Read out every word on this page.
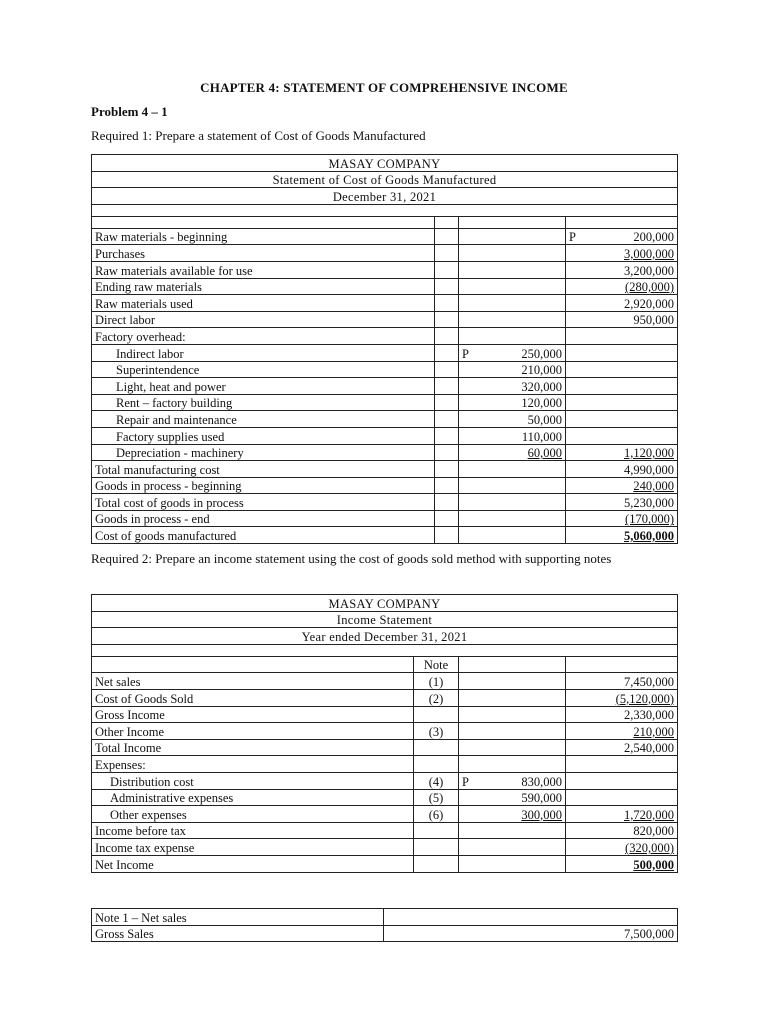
CHAPTER 4: STATEMENT OF COMPREHENSIVE INCOME
Problem 4 – 1
Required 1: Prepare a statement of Cost of Goods Manufactured
MASAY COMPANY			
Statement of Cost of Goods Manufactured			
December 31, 2021			

Raw materials - beginning			P 200,000

Purchases			3,000,000

Raw materials available for use			3,200,000

Ending raw materials			(280,000)

Raw materials used			2,920,000

Direct labor			950,000

Factory overhead:		

Indirect labor		P 250,000	

Superintendence		210,000	

Light, heat and power		320,000	

Rent – factory building		120,000	

Repair and maintenance		50,000	

Factory supplies used		110,000	

Depreciation - machinery		60,000	1,120,000

Total manufacturing cost			4,990,000

Goods in process - beginning			240,000

Total cost of goods in process			5,230,000

Goods in process - end			(170,000)

Cost of goods manufactured			5,060,000
Required 2: Prepare an income statement using the cost of goods sold method with supporting notes
MASAY COMPANY			
Income Statement			
Year ended December 31, 2021			

	Note		
Net sales	(1)		7,450,000

Cost of Goods Sold	(2)		(5,120,000)

Gross Income			2,330,000

Other Income	(3)		210,000

Total Income			2,540,000

Expenses:		

Distribution cost	(4)	P 830,000	

Administrative expenses	(5)	590,000	

Other expenses	(6)	300,000	1,720,000

Income before tax			820,000

Income tax expense			(320,000)

Net Income			500,000
Note 1 – Net sales	
Gross Sales	7,500,000
